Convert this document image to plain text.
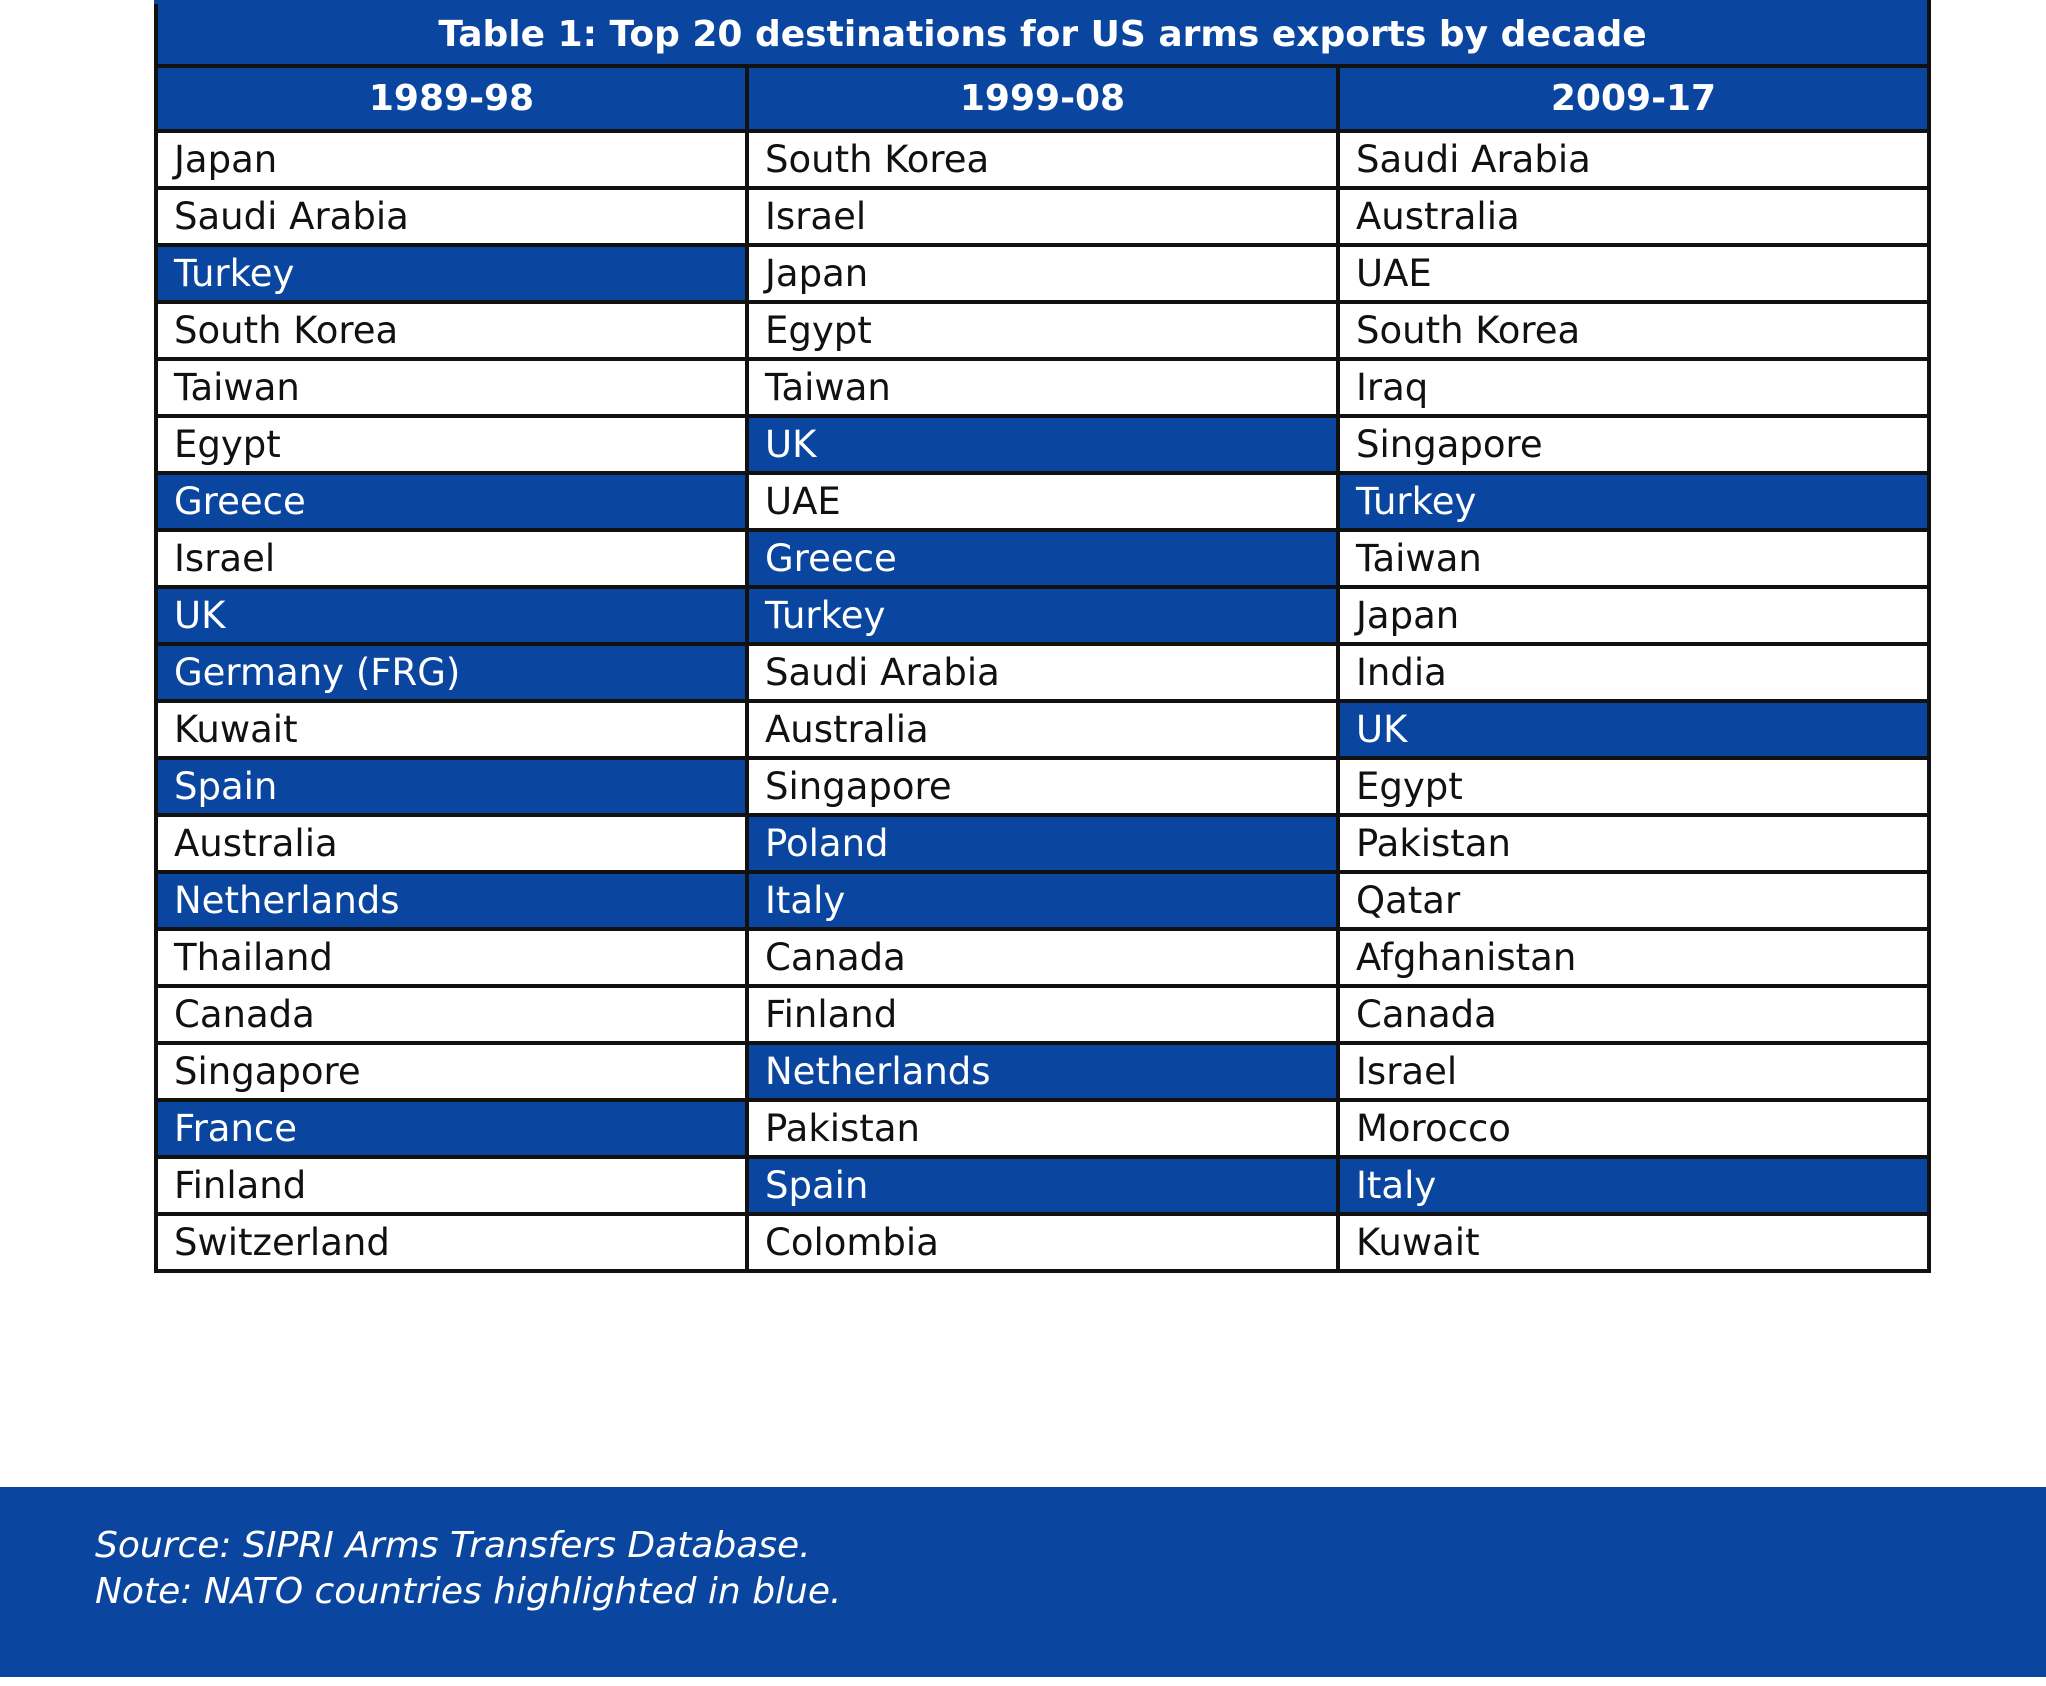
Table 1: Top 20 destinations for US arms exports by decade		
1989-98	1999-08	2009-17
Japan	South Korea	Saudi Arabia
Saudi Arabia	Israel	Australia
Turkey	Japan	UAE
South Korea	Egypt	South Korea
Taiwan	Taiwan	Iraq
Egypt	UK	Singapore
Greece	UAE	Turkey
Israel	Greece	Taiwan
UK	Turkey	Japan
Germany (FRG)	Saudi Arabia	India
Kuwait	Australia	UK
Spain	Singapore	Egypt
Australia	Poland	Pakistan
Netherlands	Italy	Qatar
Thailand	Canada	Afghanistan
Canada	Finland	Canada
Singapore	Netherlands	Israel
France	Pakistan	Morocco
Finland	Spain	Italy
Switzerland	Colombia	Kuwait

Source: SIPRI Arms Transfers Database.

Note: NATO countries highlighted in blue.
